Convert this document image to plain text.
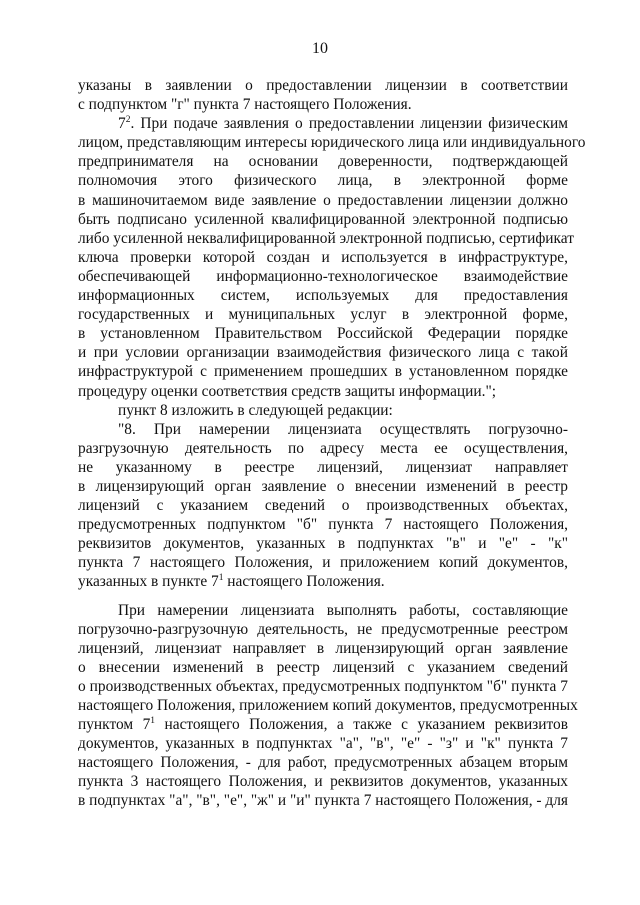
10
указаны в заявлении о предоставлении лицензии в соответствии
с подпунктом "г" пункта 7 настоящего Положения.
$7^2$. При подаче заявления о предоставлении лицензии физическим
лицом, представляющим интересы юридического лица или индивидуального
предпринимателя на основании доверенности, подтверждающей
полномочия этого физического лица, в электронной форме
в машиночитаемом виде заявление о предоставлении лицензии должно
быть подписано усиленной квалифицированной электронной подписью
либо усиленной неквалифицированной электронной подписью, сертификат
ключа проверки которой создан и используется в инфраструктуре,
обеспечивающей информационно-технологическое взаимодействие
информационных систем, используемых для предоставления
государственных и муниципальных услуг в электронной форме,
в установленном Правительством Российской Федерации порядке
и при условии организации взаимодействия физического лица с такой
инфраструктурой с применением прошедших в установленном порядке
процедуру оценки соответствия средств защиты информации.";
пункт 8 изложить в следующей редакции:
"8. При намерении лицензиата осуществлять погрузочно-
разгрузочную деятельность по адресу места ее осуществления,
не указанному в реестре лицензий, лицензиат направляет
в лицензирующий орган заявление о внесении изменений в реестр
лицензий с указанием сведений о производственных объектах,
предусмотренных подпунктом "б" пункта 7 настоящего Положения,
реквизитов документов, указанных в подпунктах "в" и "е" - "к"
пункта 7 настоящего Положения, и приложением копий документов,
указанных в пункте $7^1$ настоящего Положения.
При намерении лицензиата выполнять работы, составляющие
погрузочно-разгрузочную деятельность, не предусмотренные реестром
лицензий, лицензиат направляет в лицензирующий орган заявление
о внесении изменений в реестр лицензий с указанием сведений
о производственных объектах, предусмотренных подпунктом "б" пункта 7
настоящего Положения, приложением копий документов, предусмотренных
пунктом $7^1$ настоящего Положения, а также с указанием реквизитов
документов, указанных в подпунктах "а", "в", "е" - "з" и "к" пункта 7
настоящего Положения, - для работ, предусмотренных абзацем вторым
пункта 3 настоящего Положения, и реквизитов документов, указанных
в подпунктах "а", "в", "е", "ж" и "и" пункта 7 настоящего Положения, - для
